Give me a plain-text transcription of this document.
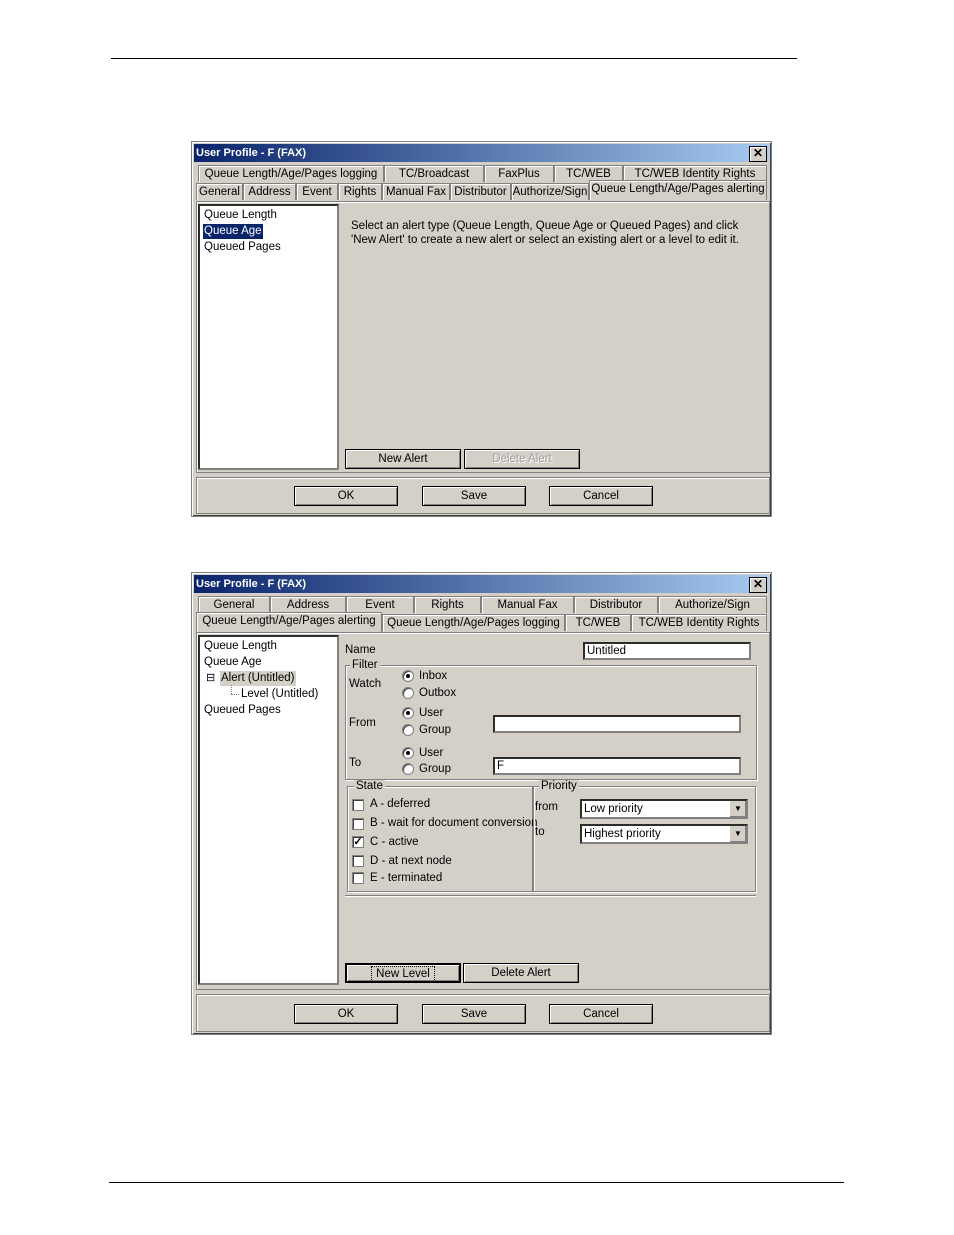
User Profile - F (FAX)	✕
Queue Length/Age/Pages logging	TC/Broadcast	FaxPlus	TC/WEB	TC/WEB Identity Rights
General Address	Event	Rights Manual Fax Distributor Authorize/Sign Queue Length/Age/Pages alerting
Queue Length
Queue Age
Queued Pages
Select an alert type (Queue Length, Queue Age or Queued Pages) and click 'New Alert' to create a new alert or select an existing alert or a level to edit it.
New Alert	Delete Alert
OK	Save	Cancel
User Profile - F (FAX)	✕
General	Address	Event	Rights	Manual Fax	Distributor	Authorize/Sign
Queue Length/Age/Pages alerting	Queue Length/Age/Pages logging	TC/WEB	TC/WEB Identity Rights
Queue Length
Queue Age
⊟ Alert (Untitled)
Level (Untitled)
Queued Pages
Name	Untitled
Filter
Watch
Inbox
Outbox
From
User
Group
To
User
Group	F
State
A - deferred
B - wait for document conversion
✓ C - active
D - at next node
E - terminated
Priority
from	Low priority	▼
to	Highest priority	▼
New Level	Delete Alert
OK	Save	Cancel
